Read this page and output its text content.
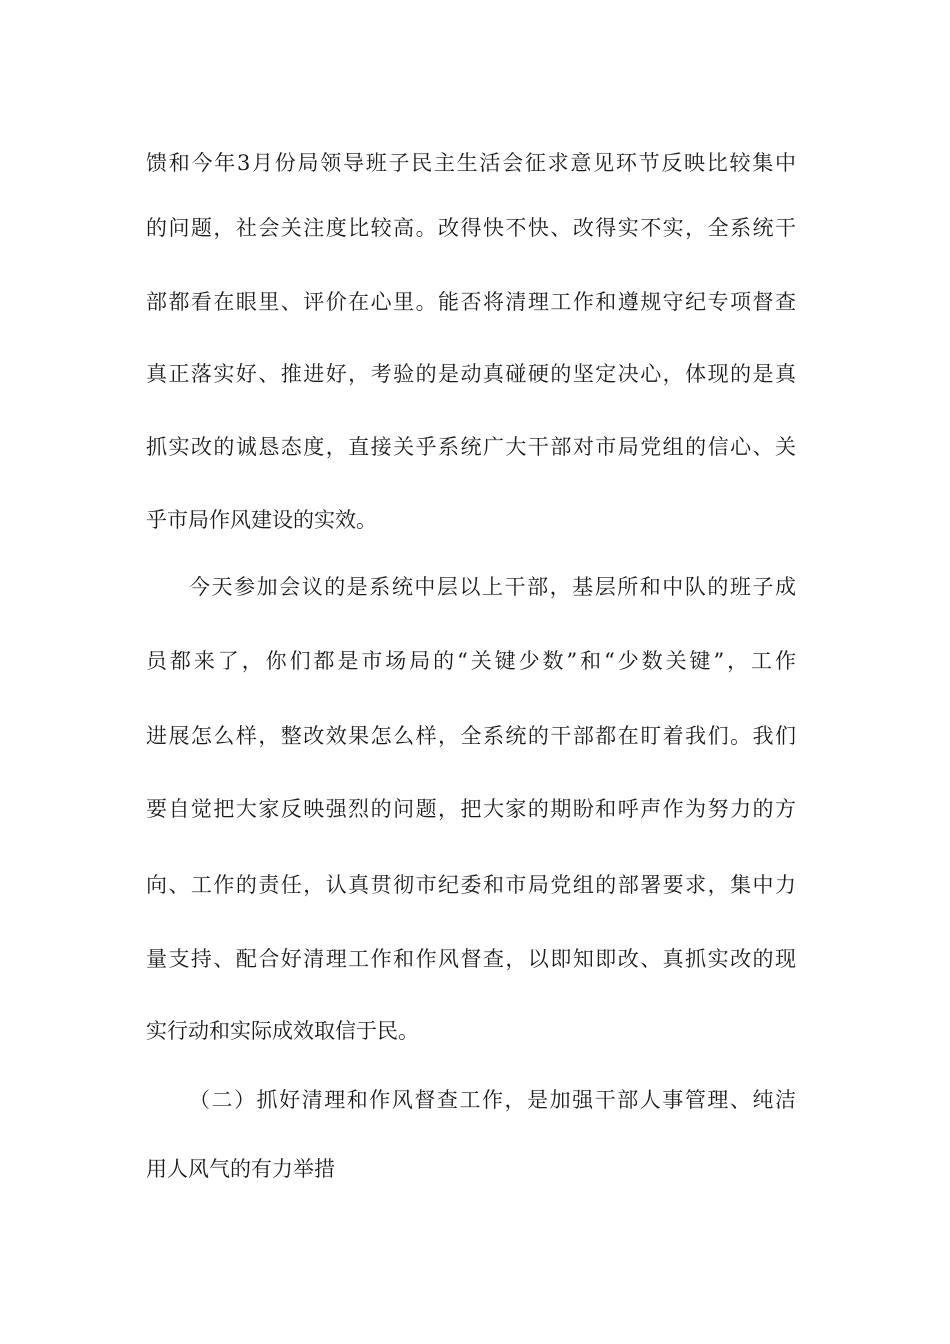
馈和今年3月份局领导班子民主生活会征求意见环节反映比较集中
的问题，社会关注度比较高。改得快不快、改得实不实，全系统干
部都看在眼里、评价在心里。能否将清理工作和遵规守纪专项督查
真正落实好、推进好，考验的是动真碰硬的坚定决心，体现的是真
抓实改的诚恳态度，直接关乎系统广大干部对市局党组的信心、关
乎市局作风建设的实效。
今天参加会议的是系统中层以上干部，基层所和中队的班子成
员都来了，你们都是市场局的“关键少数”和“少数关键”，工作
进展怎么样，整改效果怎么样，全系统的干部都在盯着我们。我们
要自觉把大家反映强烈的问题，把大家的期盼和呼声作为努力的方
向、工作的责任，认真贯彻市纪委和市局党组的部署要求，集中力
量支持、配合好清理工作和作风督查，以即知即改、真抓实改的现
实行动和实际成效取信于民。
（二）抓好清理和作风督查工作，是加强干部人事管理、纯洁
用人风气的有力举措
